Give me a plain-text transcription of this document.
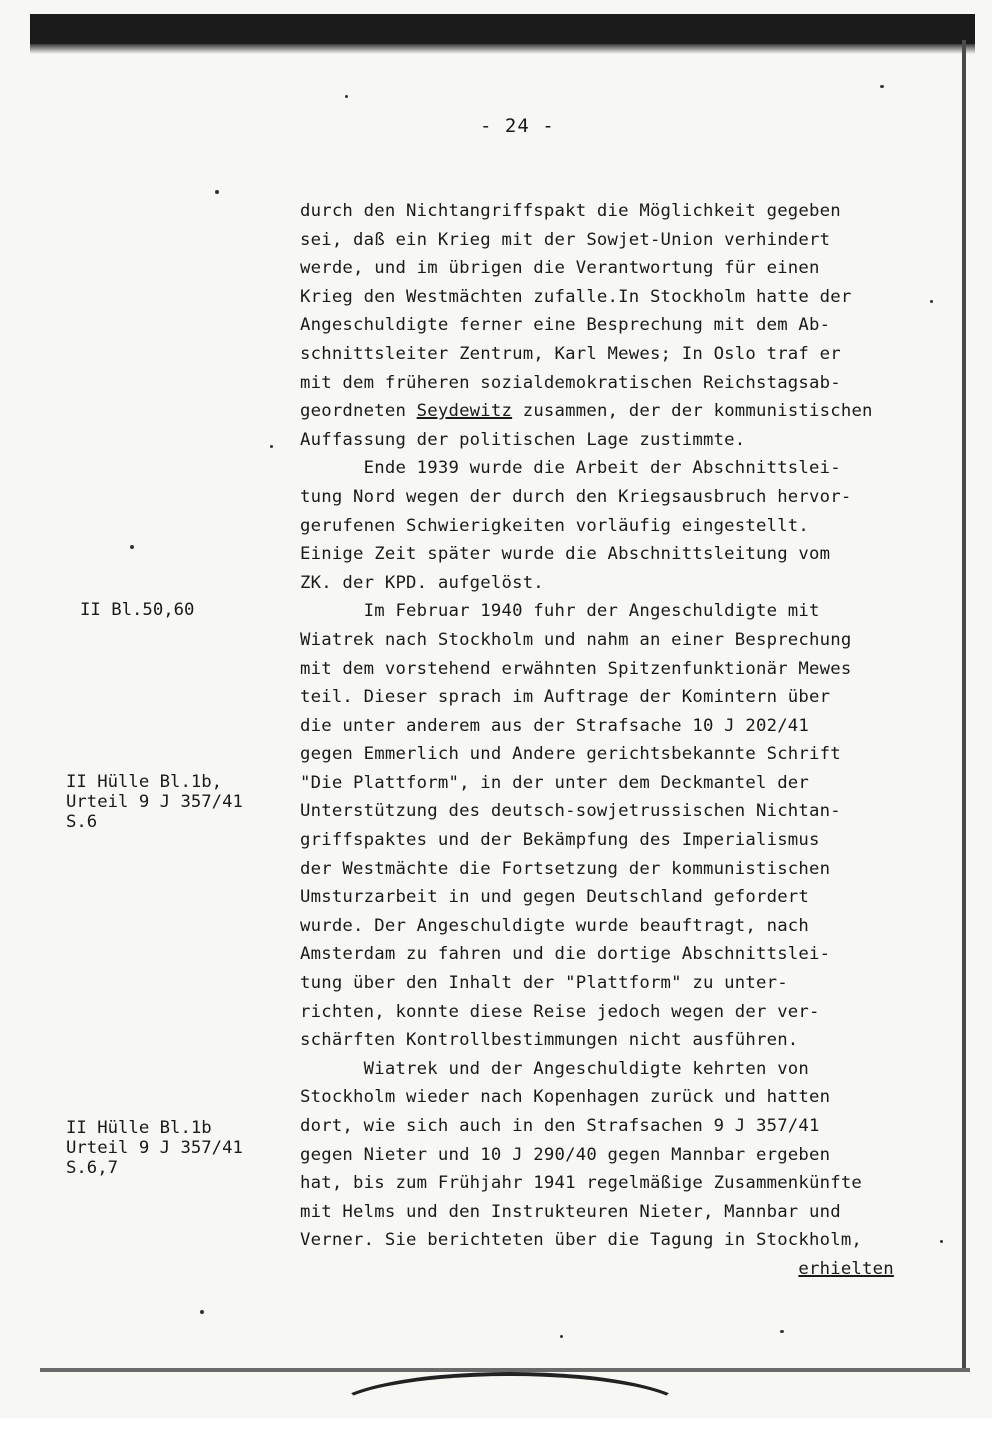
- 24 -
durch den Nichtangriffspakt die Möglichkeit gegeben
sei, daß ein Krieg mit der Sowjet-Union verhindert
werde, und im übrigen die Verantwortung für einen
Krieg den Westmächten zufalle.In Stockholm hatte der
Angeschuldigte ferner eine Besprechung mit dem Ab-
schnittsleiter Zentrum, Karl Mewes; In Oslo traf er
mit dem früheren sozialdemokratischen Reichstagsab-
geordneten Seydewitz zusammen, der der kommunistischen
Auffassung der politischen Lage zustimmte.
Ende 1939 wurde die Arbeit der Abschnittslei-
tung Nord wegen der durch den Kriegsausbruch hervor-
gerufenen Schwierigkeiten vorläufig eingestellt.
Einige Zeit später wurde die Abschnittsleitung vom
ZK. der KPD. aufgelöst.
Im Februar 1940 fuhr der Angeschuldigte mit
Wiatrek nach Stockholm und nahm an einer Besprechung
mit dem vorstehend erwähnten Spitzenfunktionär Mewes
teil. Dieser sprach im Auftrage der Komintern über
die unter anderem aus der Strafsache 10 J 202/41
gegen Emmerlich und Andere gerichtsbekannte Schrift
"Die Plattform", in der unter dem Deckmantel der
Unterstützung des deutsch-sowjetrussischen Nichtan-
griffspaktes und der Bekämpfung des Imperialismus
der Westmächte die Fortsetzung der kommunistischen
Umsturzarbeit in und gegen Deutschland gefordert
wurde. Der Angeschuldigte wurde beauftragt, nach
Amsterdam zu fahren und die dortige Abschnittslei-
tung über den Inhalt der "Plattform" zu unter-
richten, konnte diese Reise jedoch wegen der ver-
schärften Kontrollbestimmungen nicht ausführen.
Wiatrek und der Angeschuldigte kehrten von
Stockholm wieder nach Kopenhagen zurück und hatten
dort, wie sich auch in den Strafsachen 9 J 357/41
gegen Nieter und 10 J 290/40 gegen Mannbar ergeben
hat, bis zum Frühjahr 1941 regelmäßige Zusammenkünfte
mit Helms und den Instrukteuren Nieter, Mannbar und
Verner. Sie berichteten über die Tagung in Stockholm,
erhielten
II Bl.50,60
II Hülle Bl.1b,
Urteil 9 J 357/41
S.6
II Hülle Bl.1b
Urteil 9 J 357/41
S.6,7
